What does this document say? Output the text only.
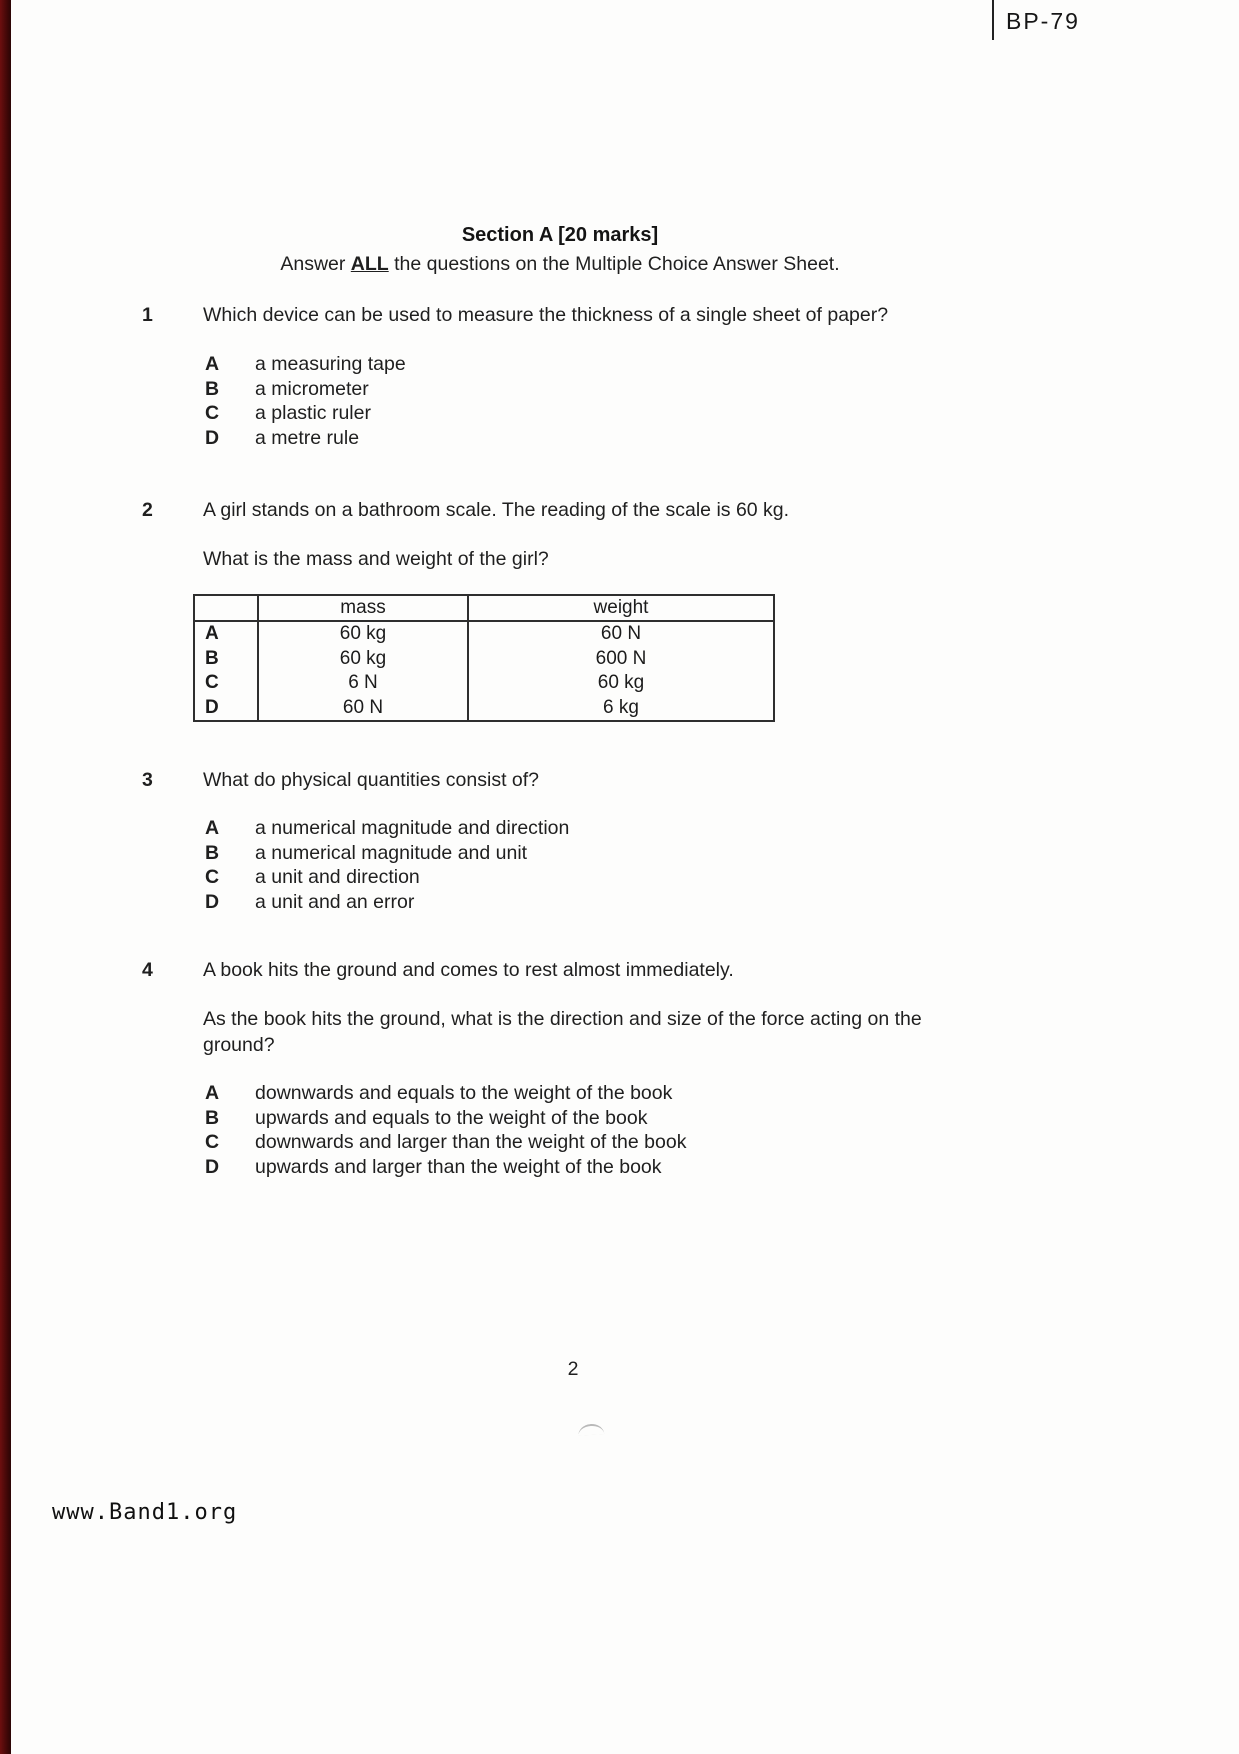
BP-79
Section A [20 marks]
Answer ALL the questions on the Multiple Choice Answer Sheet.
1	Which device can be used to measure the thickness of a single sheet of paper?
A	a measuring tape
B	a micrometer
C	a plastic ruler
D	a metre rule
2	A girl stands on a bathroom scale. The reading of the scale is 60 kg.
What is the mass and weight of the girl?
	mass	weight
A	60 kg	60 N
B	60 kg	600 N
C	6 N	60 kg
D	60 N	6 kg
3	What do physical quantities consist of?
A	a numerical magnitude and direction
B	a numerical magnitude and unit
C	a unit and direction
D	a unit and an error
4	A book hits the ground and comes to rest almost immediately.
As the book hits the ground, what is the direction and size of the force acting on the ground?
A	downwards and equals to the weight of the book
B	upwards and equals to the weight of the book
C	downwards and larger than the weight of the book
D	upwards and larger than the weight of the book
2
www.Band1.org
